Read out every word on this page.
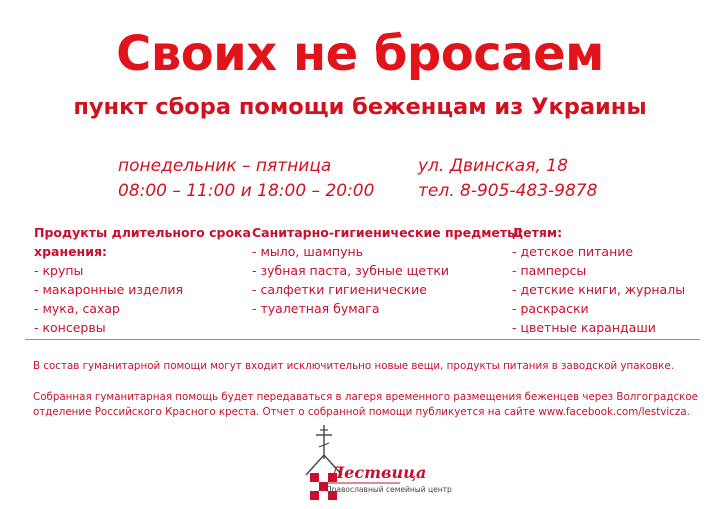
Своих не бросаем
пункт сбора помощи беженцам из Украины
понедельник – пятница
08:00 – 11:00 и 18:00 – 20:00
ул. Двинская, 18
тел. 8-905-483-9878
Продукты длительного срока
хранения:
- крупы
- макаронные изделия
- мука, сахар
- консервы
Санитарно-гигиенические предметы:
- мыло, шампунь
- зубная паста, зубные щетки
- салфетки гигиенические
- туалетная бумага
Детям:
- детское питание
- памперсы
- детские книги, журналы
- раскраски
- цветные карандаши
В состав гуманитарной помощи могут входит исключительно новые вещи, продукты питания в заводской упаковке.
Собранная гуманитарная помощь будет передаваться в лагеря временного размещения беженцев через Волгоградское
отделение Российского Красного креста. Отчет о собранной помощи публикуется на сайте www.facebook.com/lestvicza.
Лествица
Православный семейный центр
